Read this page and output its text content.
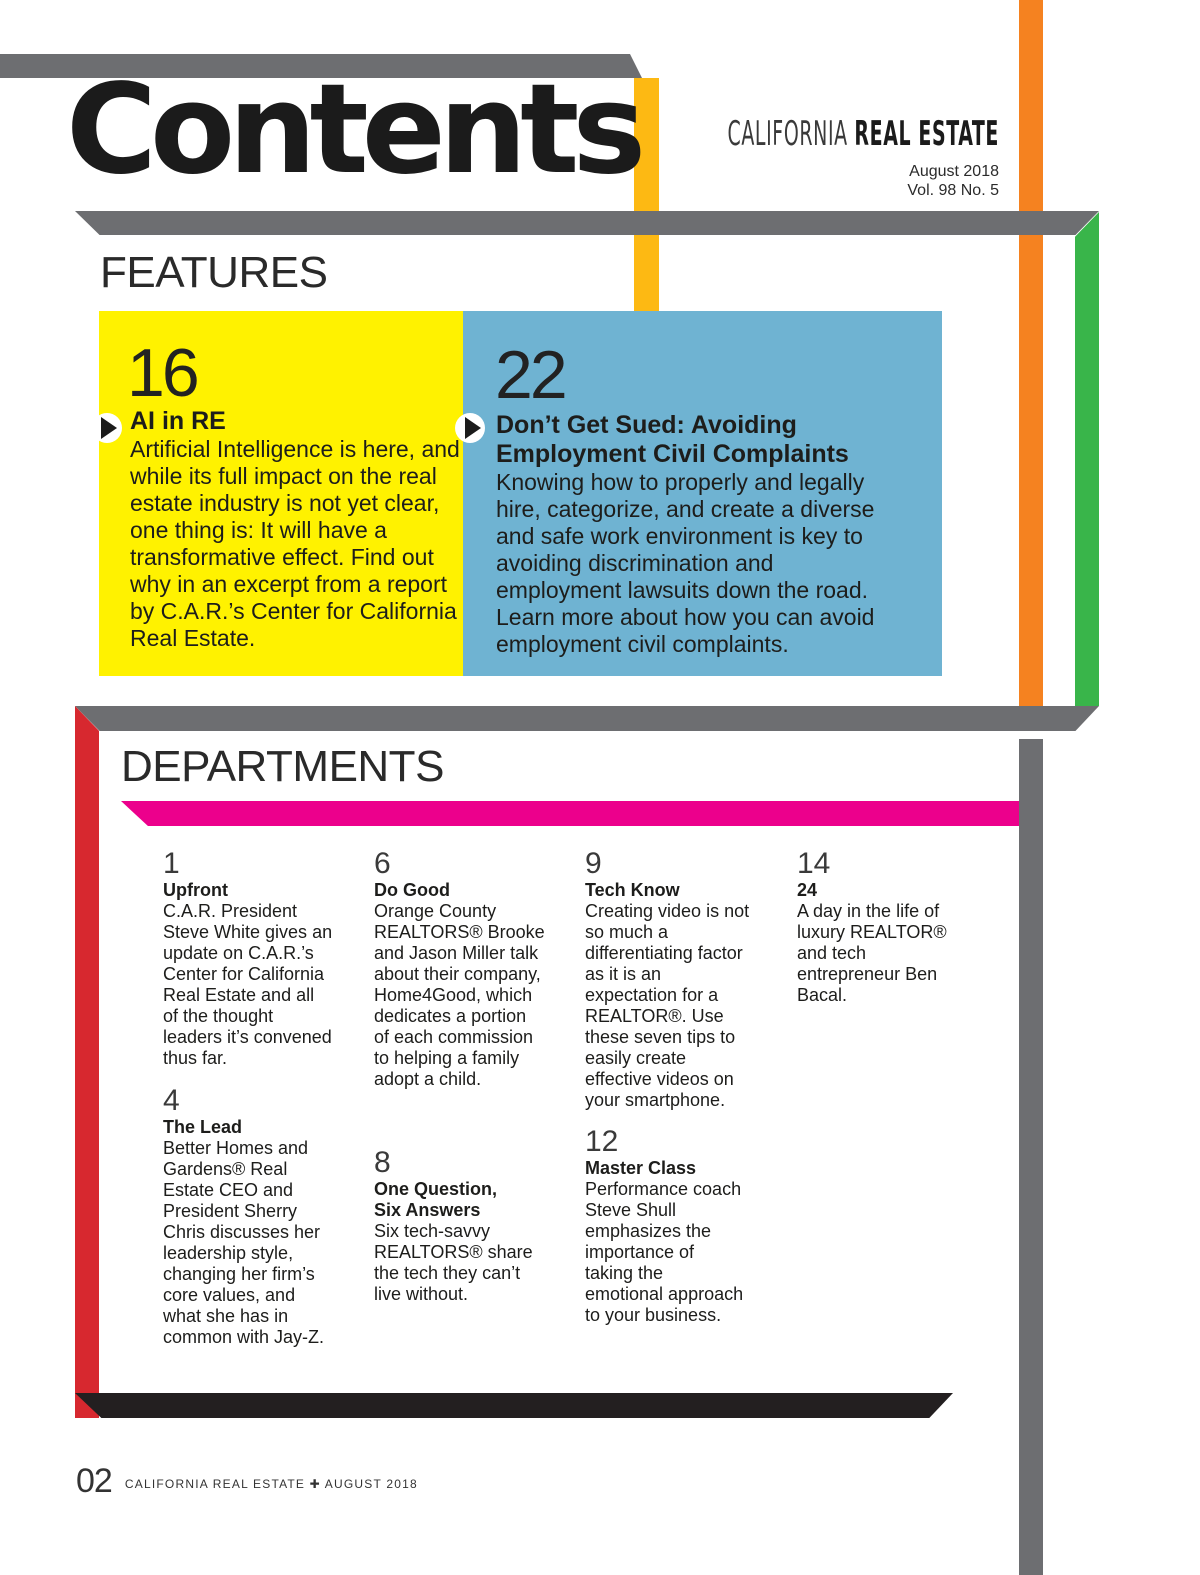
Contents	CALIFORNIA REAL ESTATE
August 2018
Vol. 98 No. 5
FEATURES
16
AI in RE
Artificial Intelligence is here, and while its full impact on the real estate industry is not yet clear, one thing is: It will have a transformative effect. Find out why in an excerpt from a report by C.A.R.’s Center for California Real Estate.
22
Don’t Get Sued: Avoiding Employment Civil Complaints
Knowing how to properly and legally hire, categorize, and create a diverse and safe work environment is key to avoiding discrimination and employment lawsuits down the road. Learn more about how you can avoid employment civil complaints.
DEPARTMENTS
1
Upfront
C.A.R. President Steve White gives an update on C.A.R.’s Center for California Real Estate and all of the thought leaders it’s convened thus far.
4
The Lead
Better Homes and Gardens® Real Estate CEO and President Sherry Chris discusses her leadership style, changing her firm’s core values, and what she has in common with Jay-Z.
6
Do Good
Orange County REALTORS® Brooke and Jason Miller talk about their company, Home4Good, which dedicates a portion of each commission to helping a family adopt a child.
8
One Question, Six Answers
Six tech-savvy REALTORS® share the tech they can’t live without.
9
Tech Know
Creating video is not so much a differentiating factor as it is an expectation for a REALTOR®. Use these seven tips to easily create effective videos on your smartphone.
12
Master Class
Performance coach Steve Shull emphasizes the importance of taking the emotional approach to your business.
14
24
A day in the life of luxury REALTOR® and tech entrepreneur Ben Bacal.
02 $^{CALIFORNIA REAL ESTATE ✚ AUGUST 2018}$
